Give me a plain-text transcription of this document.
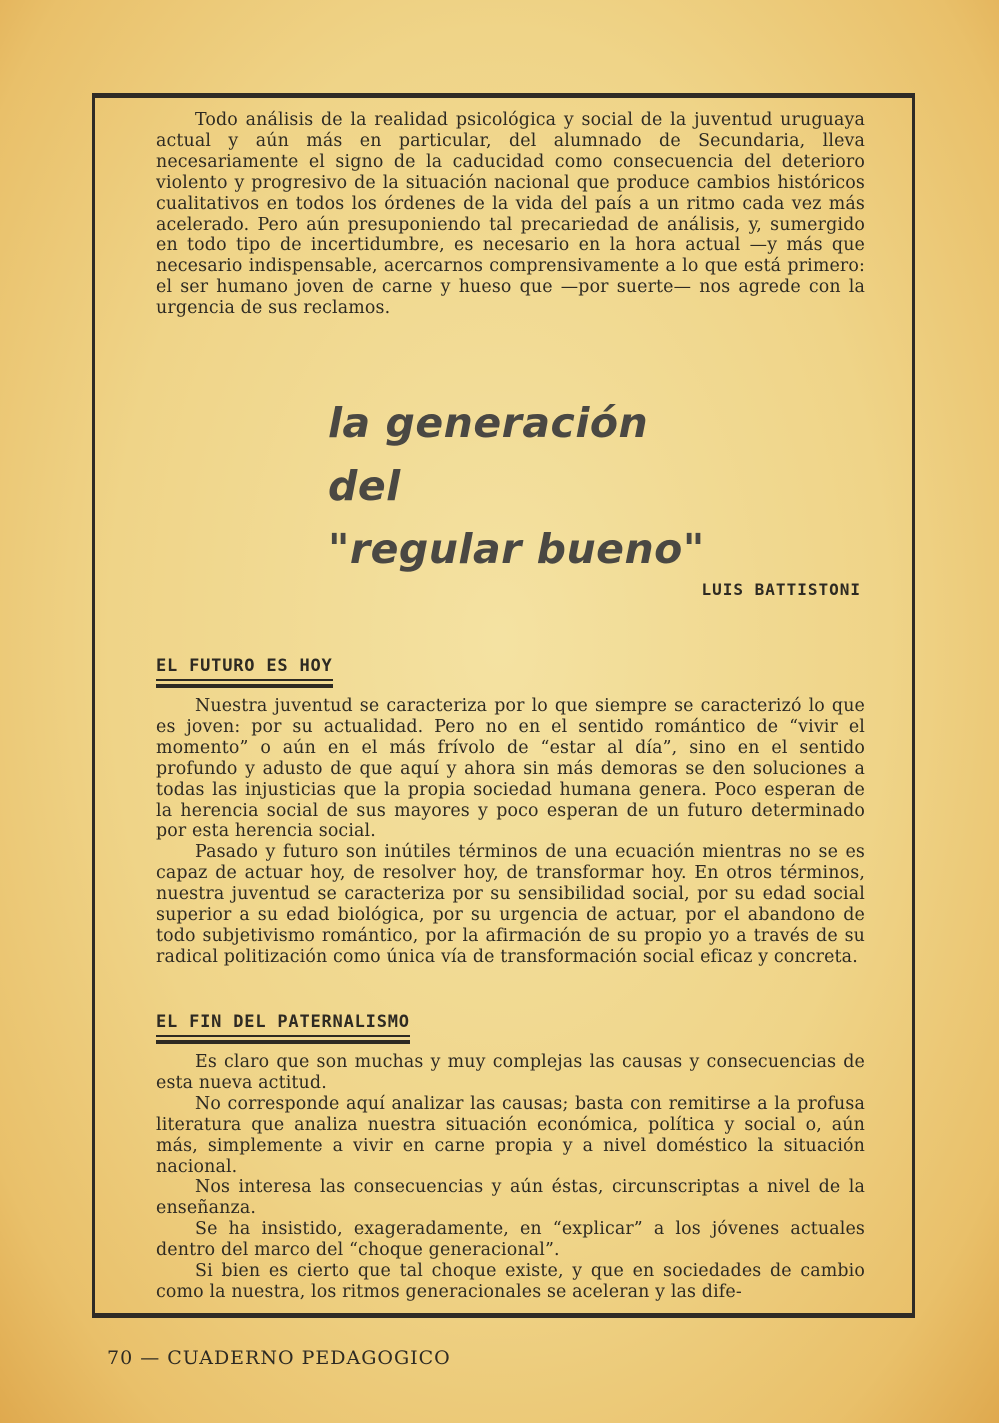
Todo análisis de la realidad psicológica y social de la juventud uruguaya actual y aún más en particular, del alumnado de Secundaria, lleva necesariamente el signo de la caducidad como consecuencia del deterioro violento y progresivo de la situación nacional que produce cambios históricos cualitativos en todos los órdenes de la vida del país a un ritmo cada vez más acelerado. Pero aún presuponiendo tal precariedad de análisis, y, sumergido en todo tipo de incertidumbre, es necesario en la hora actual —y más que necesario indispensable, acercarnos comprensivamente a lo que está primero: el ser humano joven de carne y hueso que —por suerte— nos agrede con la urgencia de sus reclamos.

la generación
del
"regular bueno"
LUIS BATTISTONI
EL FUTURO ES HOY

Nuestra juventud se caracteriza por lo que siempre se caracterizó lo que es joven: por su actualidad. Pero no en el sentido romántico de “vivir el momento” o aún en el más frívolo de “estar al día”, sino en el sentido profundo y adusto de que aquí y ahora sin más demoras se den soluciones a todas las injusticias que la propia sociedad humana genera. Poco esperan de la herencia social de sus mayores y poco esperan de un futuro determinado por esta herencia social.

Pasado y futuro son inútiles términos de una ecuación mientras no se es capaz de actuar hoy, de resolver hoy, de transformar hoy. En otros términos, nuestra juventud se caracteriza por su sensibilidad social, por su edad social superior a su edad biológica, por su urgencia de actuar, por el abandono de todo subjetivismo romántico, por la afirmación de su propio yo a través de su radical politización como única vía de transformación social eficaz y concreta.

EL FIN DEL PATERNALISMO

Es claro que son muchas y muy complejas las causas y consecuencias de esta nueva actitud.

No corresponde aquí analizar las causas; basta con remitirse a la profusa literatura que analiza nuestra situación económica, política y social o, aún más, simplemente a vivir en carne propia y a nivel doméstico la situación nacional.

Nos interesa las consecuencias y aún éstas, circunscriptas a nivel de la enseñanza.

Se ha insistido, exageradamente, en “explicar” a los jóvenes actuales dentro del marco del “choque generacional”.

Si bien es cierto que tal choque existe, y que en sociedades de cambio como la nuestra, los ritmos generacionales se aceleran y las dife-

70 — CUADERNO PEDAGOGICO
